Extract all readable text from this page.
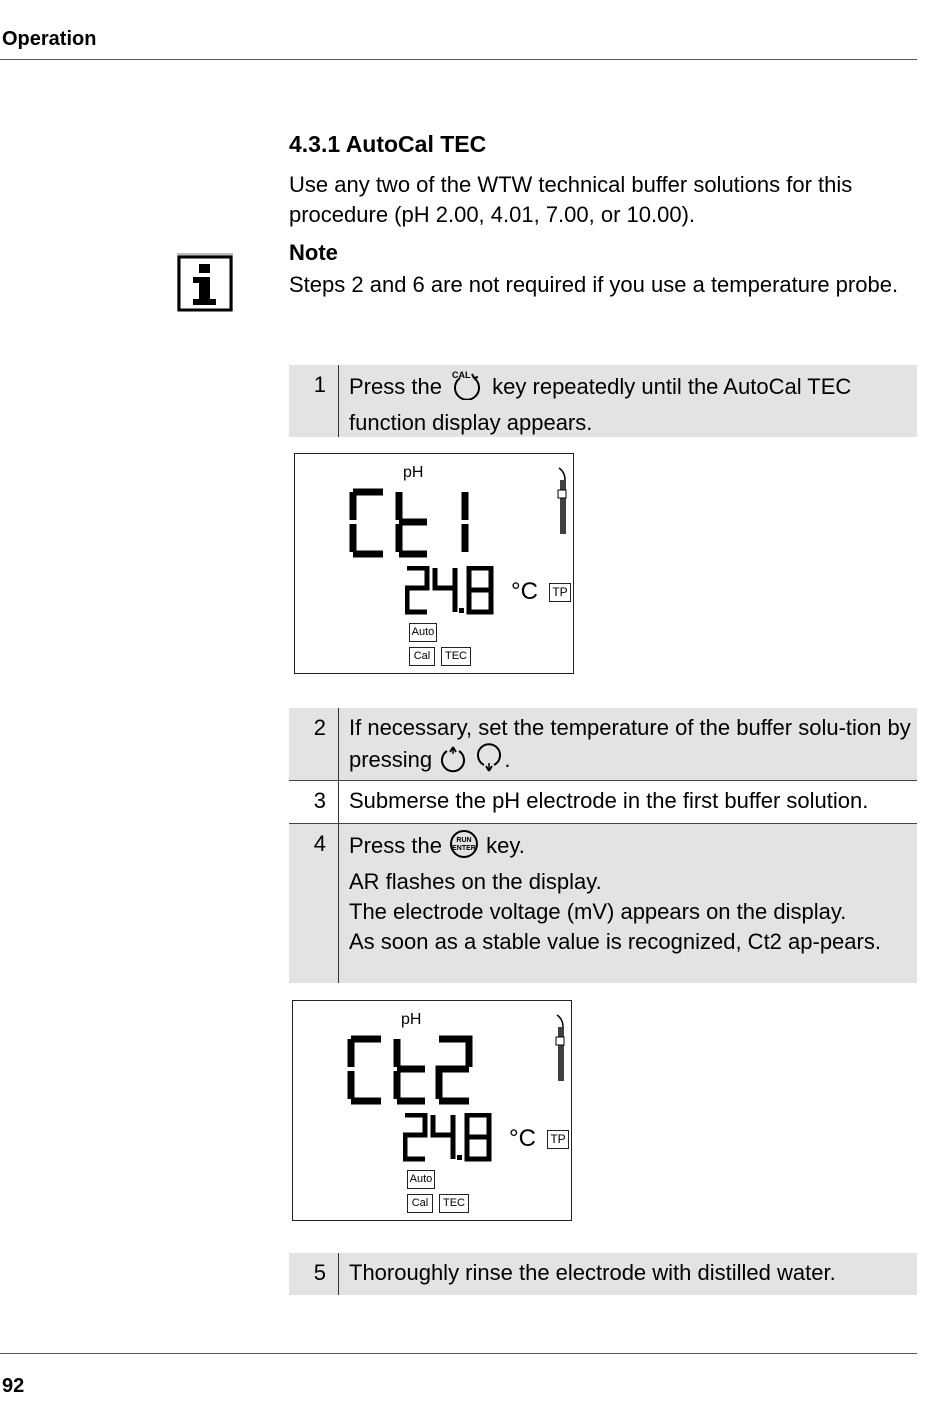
Operation
4.3.1 AutoCal TEC
Use any two of the WTW technical buffer solutions for this procedure (pH 2.00, 4.01, 7.00, or 10.00).
Note
Steps 2 and 6 are not required if you use a temperature probe.
1	Press the CAL key repeatedly until the AutoCal TEC function display appears.
pH
°C TP
Auto
Cal	TEC
2	If necessary, set the temperature of the buffer solu-tion by pressing	.
3	Submerse the pH electrode in the first buffer solution.
4	Press the RUN
ENTER key.
AR flashes on the display.
The electrode voltage (mV) appears on the display.
As soon as a stable value is recognized, Ct2 ap-pears.
pH
°C TP
Auto
Cal	TEC
5	Thoroughly rinse the electrode with distilled water.
92
